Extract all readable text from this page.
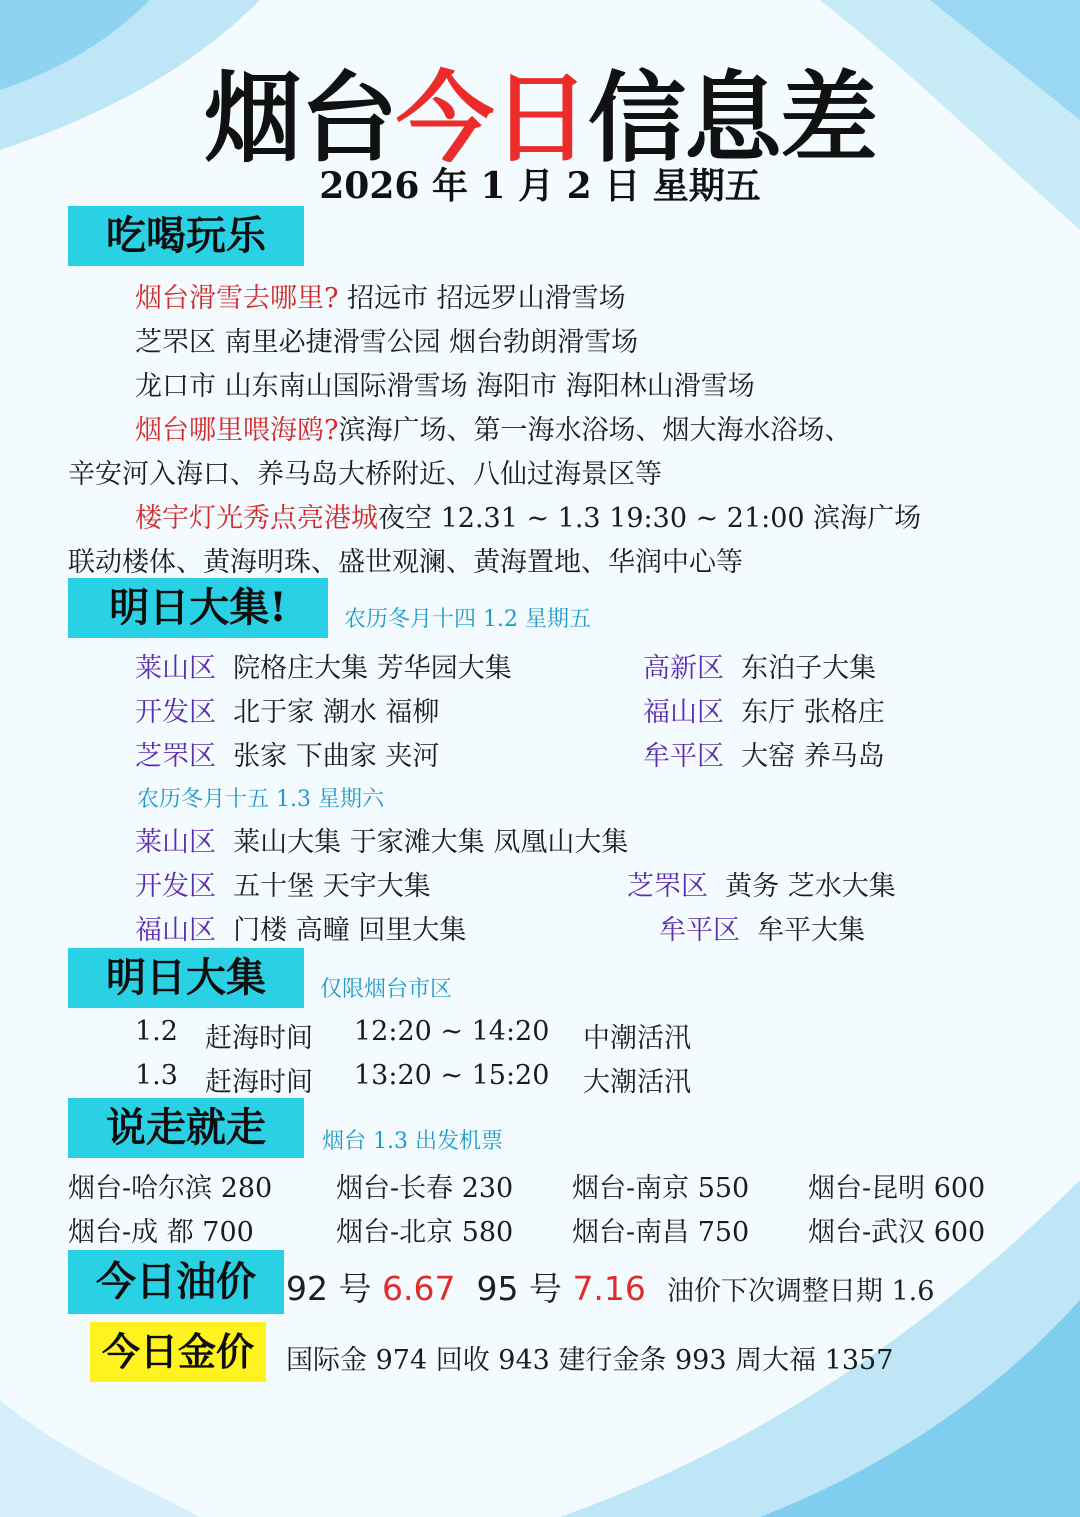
烟台今日信息差
2026 年 1 月 2 日 星期五
吃喝玩乐
烟台滑雪去哪里? 招远市 招远罗山滑雪场
芝罘区 南里必捷滑雪公园 烟台勃朗滑雪场
龙口市 山东南山国际滑雪场 海阳市 海阳林山滑雪场
烟台哪里喂海鸥?滨海广场、第一海水浴场、烟大海水浴场、
辛安河入海口、养马岛大桥附近、八仙过海景区等
楼宇灯光秀点亮港城夜空 12.31 ~ 1.3 19:30 ~ 21:00 滨海广场
联动楼体、黄海明珠、盛世观澜、黄海置地、华润中心等
明日大集!	农历冬月十四 1.2 星期五
莱山区 院格庄大集 芳华园大集	高新区 东泊子大集
开发区 北于家 潮水 福柳	福山区 东厅 张格庄
芝罘区 张家 下曲家 夹河	牟平区 大窑 养马岛
农历冬月十五 1.3 星期六
莱山区 莱山大集 于家滩大集 凤凰山大集
开发区 五十堡 天宇大集	芝罘区 黄务 芝水大集
福山区 门楼 高疃 回里大集	牟平区 牟平大集
明日大集	仅限烟台市区
1.2 赶海时间 12:20 ~ 14:20 中潮活汛
1.3 赶海时间 13:20 ~ 15:20 大潮活汛
说走就走	烟台 1.3 出发机票
烟台-哈尔滨 280 烟台-长春 230 烟台-南京 550 烟台-昆明 600
烟台-成 都 700	烟台-北京 580 烟台-南昌 750 烟台-武汉 600
今日油价 92 号 6.67 95 号 7.16 油价下次调整日期 1.6
今日金价	国际金 974 回收 943 建行金条 993 周大福 1357
